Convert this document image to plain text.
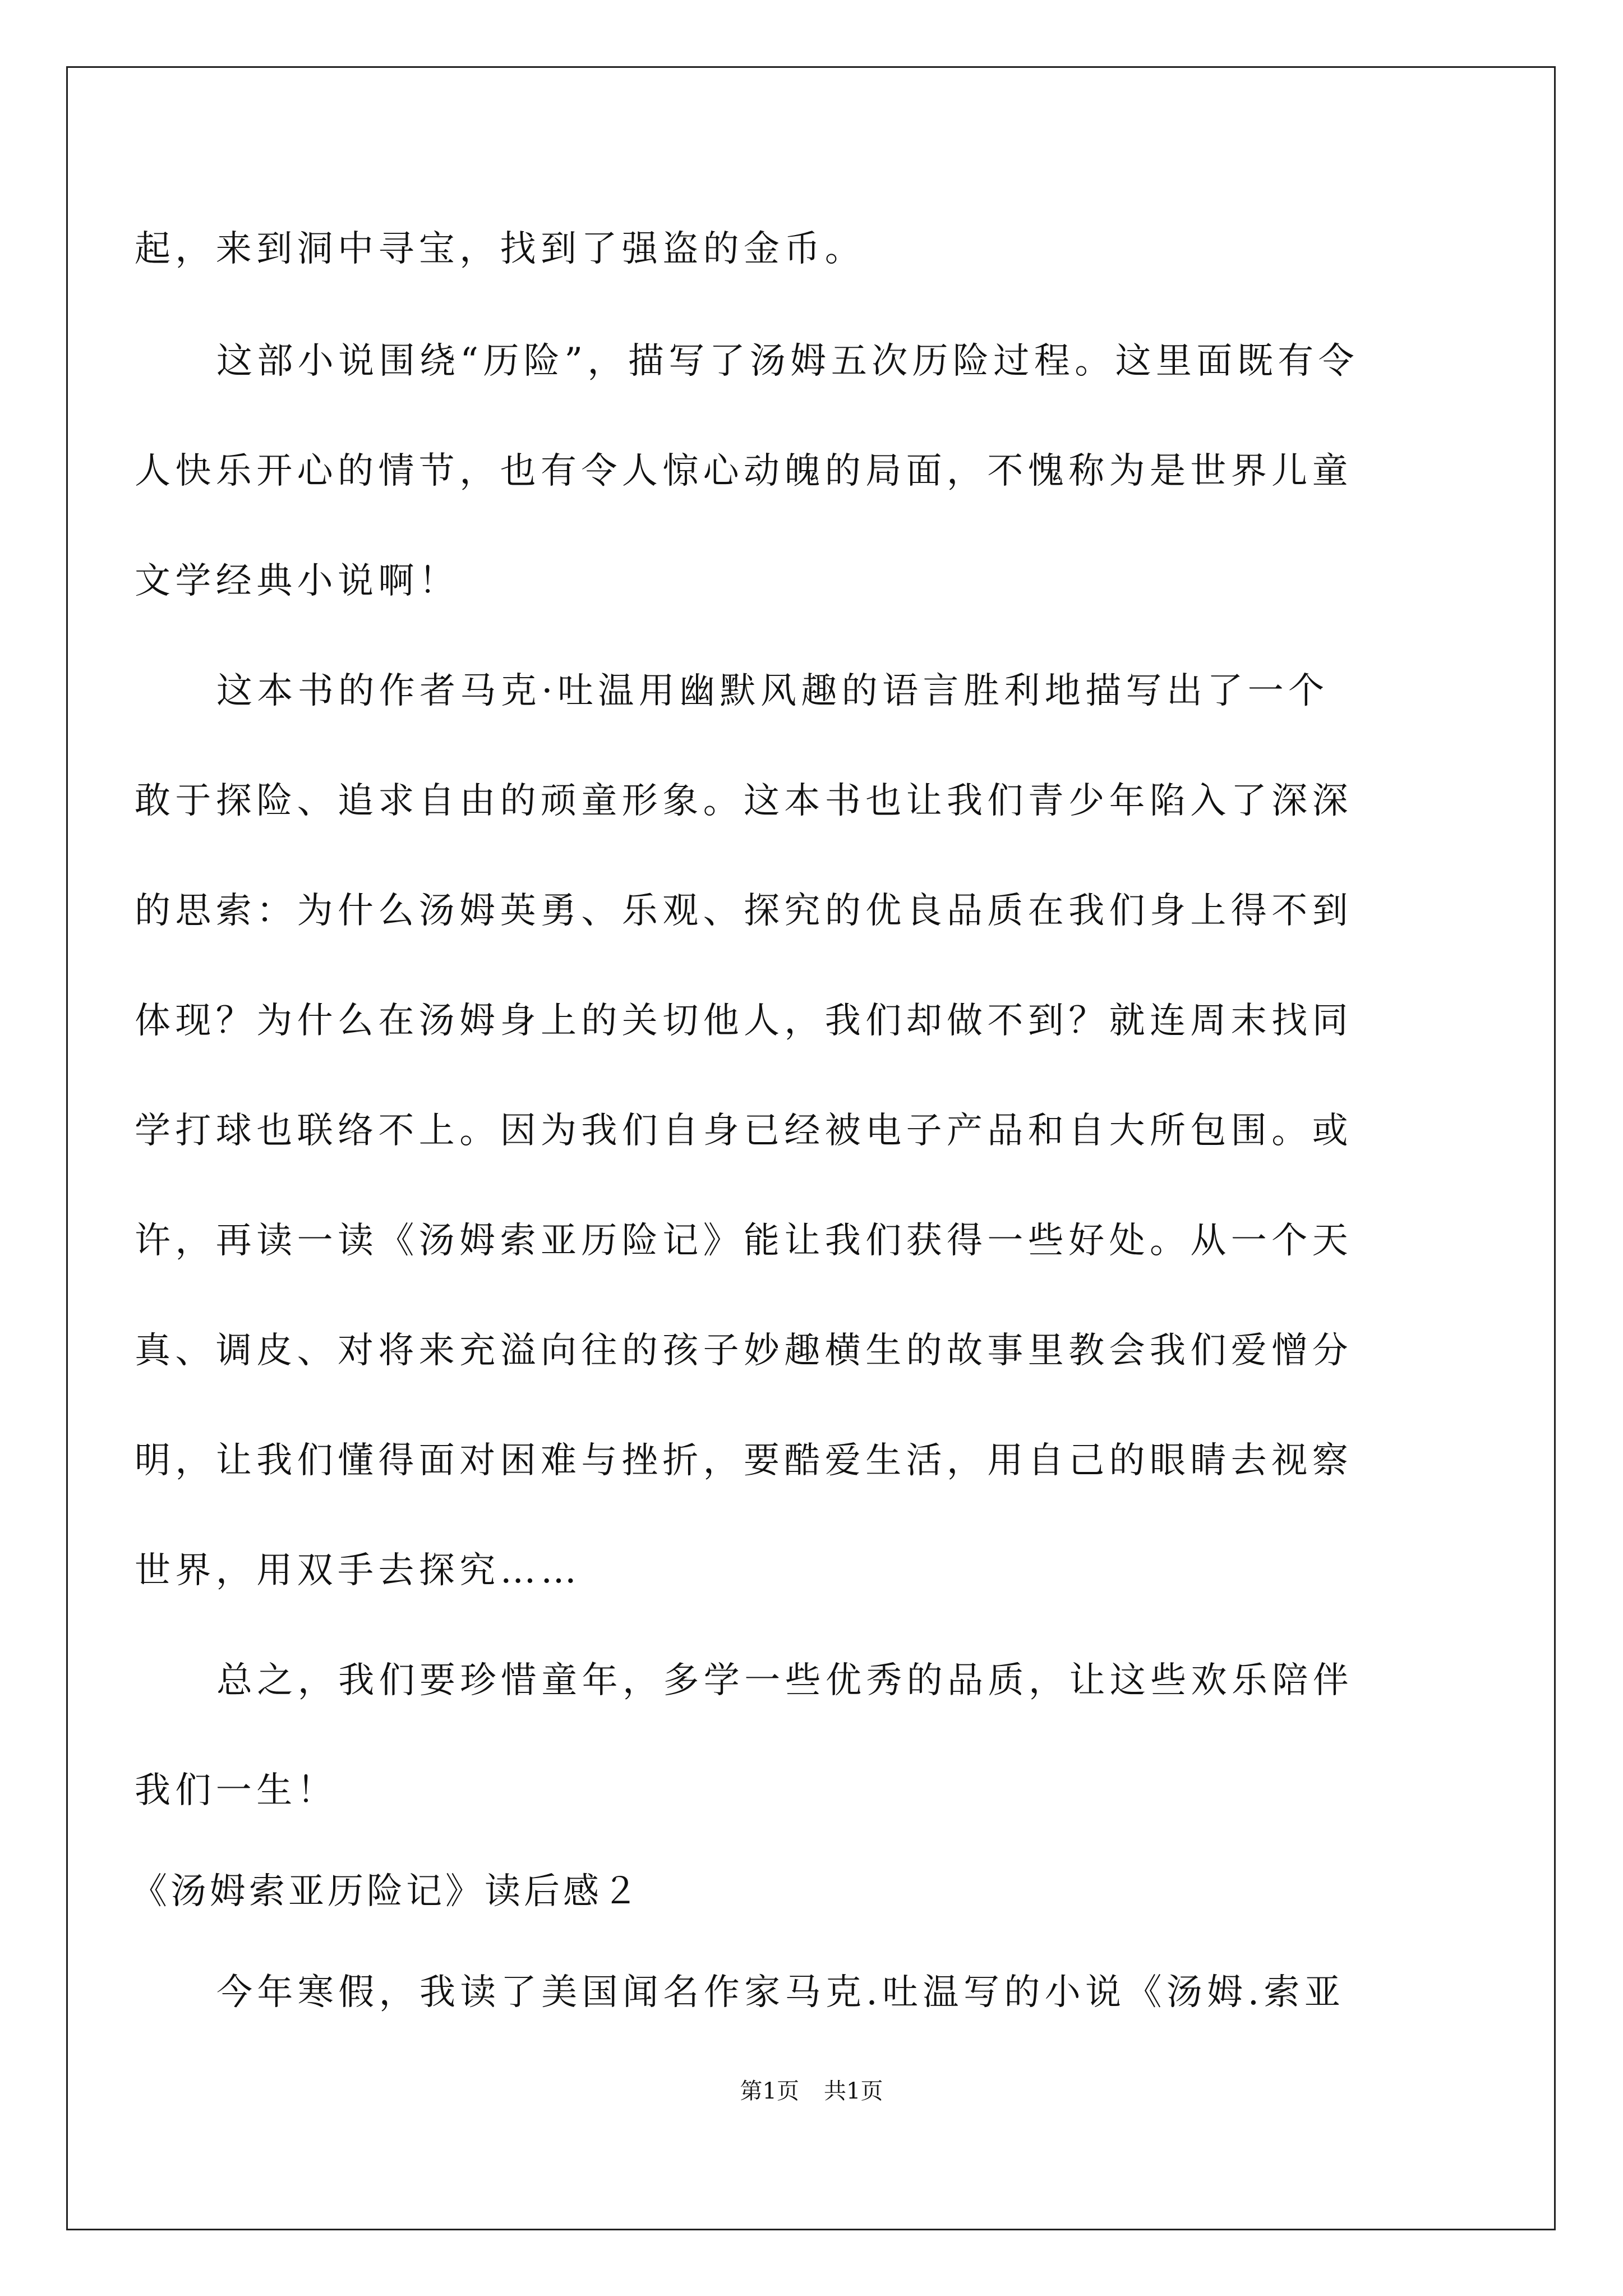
起，来到洞中寻宝，找到了强盗的金币。
这部小说围绕“历险”，描写了汤姆五次历险过程。这里面既有令
人快乐开心的情节，也有令人惊心动魄的局面，不愧称为是世界儿童
文学经典小说啊！
这本书的作者马克·吐温用幽默风趣的语言胜利地描写出了一个
敢于探险、追求自由的顽童形象。这本书也让我们青少年陷入了深深
的思索：为什么汤姆英勇、乐观、探究的优良品质在我们身上得不到
体现？为什么在汤姆身上的关切他人，我们却做不到？就连周末找同
学打球也联络不上。因为我们自身已经被电子产品和自大所包围。或
许，再读一读《汤姆索亚历险记》能让我们获得一些好处。从一个天
真、调皮、对将来充溢向往的孩子妙趣横生的故事里教会我们爱憎分
明，让我们懂得面对困难与挫折，要酷爱生活，用自己的眼睛去视察
世界，用双手去探究……
总之，我们要珍惜童年，多学一些优秀的品质，让这些欢乐陪伴
我们一生！
《汤姆索亚历险记》读后感２
今年寒假，我读了美国闻名作家马克.吐温写的小说《汤姆.索亚
第1页 共1页
